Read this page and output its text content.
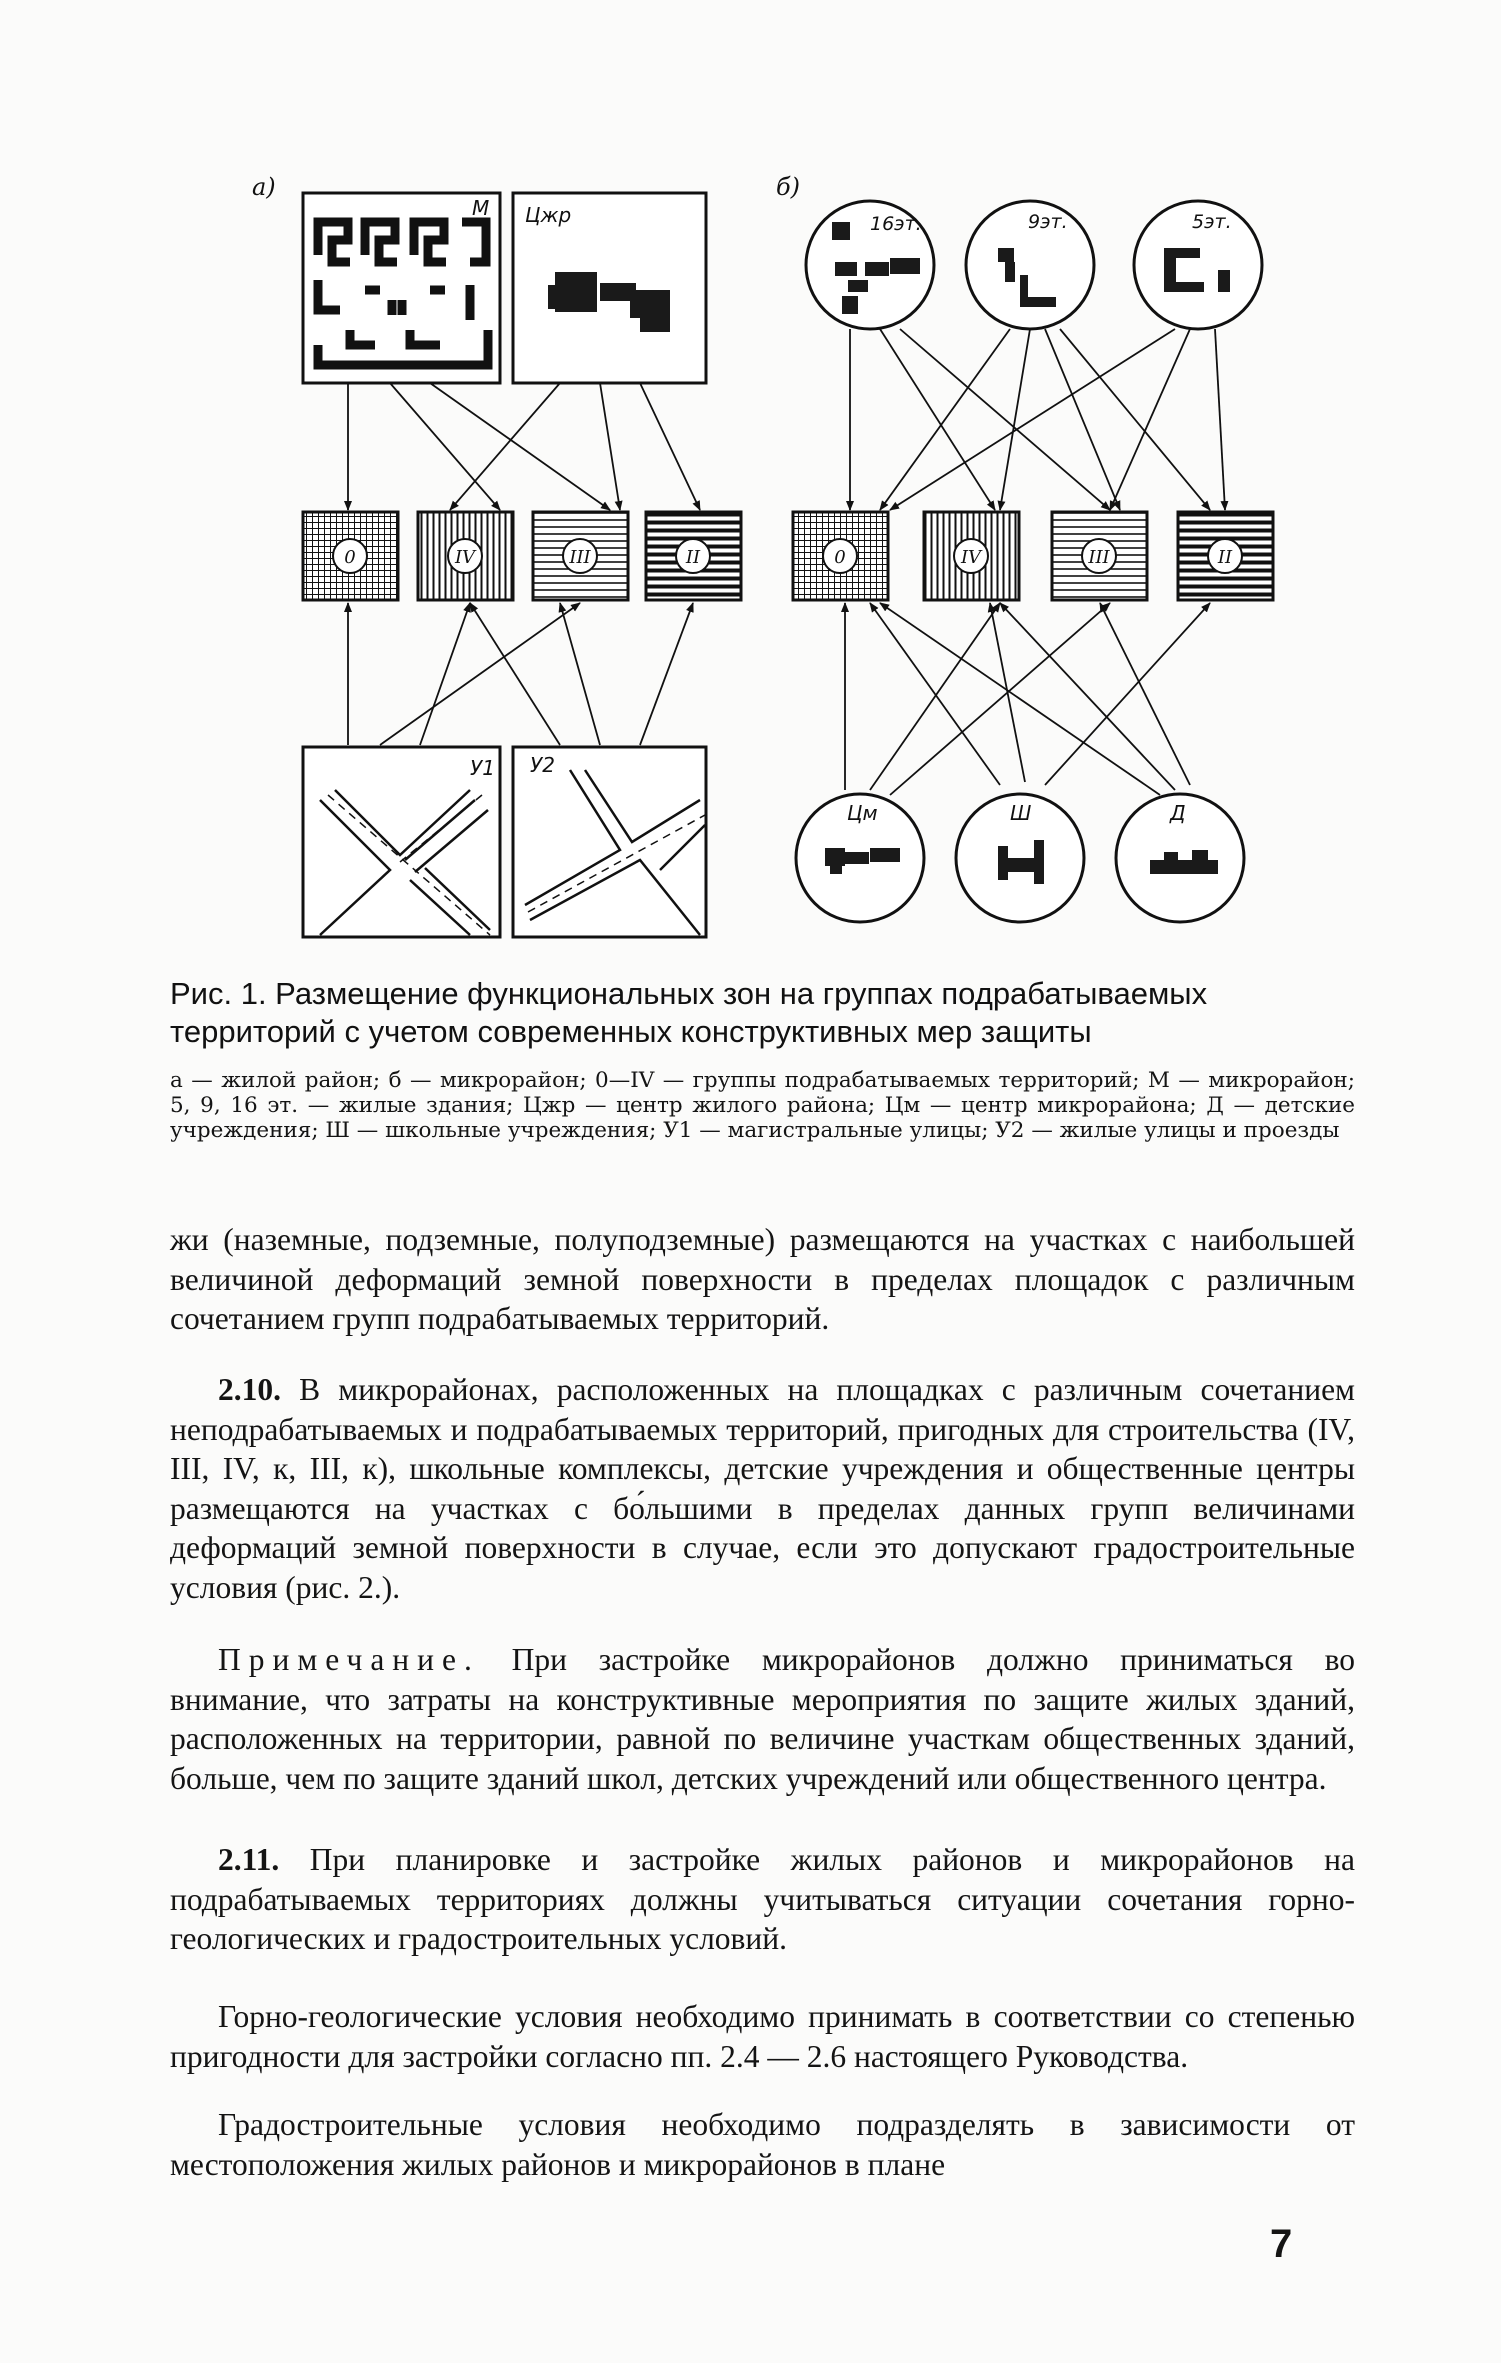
а)
М Цжр
0	IV	III	II
У1 У2
б)
16эт.	9эт.	5эт.
0	IV	III	II
Цм	Ш	Д
Рис. 1. Размещение функциональных зон на группах подрабатываемых территорий с учетом современных конструктивных мер защиты
а — жилой район; б — микрорайон; 0—IV — группы подрабатываемых территорий; М — микрорайон; 5, 9, 16 эт. — жилые здания; Цжр — центр жилого района; Цм — центр микрорайона; Д — детские учреждения; Ш — школьные учреждения; У1 — магистральные улицы; У2 — жилые улицы и проезды

жи (наземные, подземные, полуподземные) размещаются на участках с наибольшей величиной деформаций земной поверхности в пределах площадок с различным сочетанием групп подрабатываемых территорий.

2.10. В микрорайонах, расположенных на площадках с различным сочетанием неподрабатываемых и подрабатываемых территорий, пригодных для строительства (IV, III, IV, к, III, к), школьные комплексы, детские учреждения и общественные центры размещаются на участках с бо́льшими в пределах данных групп величинами деформаций земной поверхности в случае, если это допускают градостроительные условия (рис. 2.).

Примечание. При застройке микрорайонов должно приниматься во внимание, что затраты на конструктивные мероприятия по защите жилых зданий, расположенных на территории, равной по величине участкам общественных зданий, больше, чем по защите зданий школ, детских учреждений или общественного центра.

2.11. При планировке и застройке жилых районов и микрорайонов на подрабатываемых территориях должны учитываться ситуации сочетания горно-геологических и градостроительных условий.

Горно-геологические условия необходимо принимать в соответствии со степенью пригодности для застройки согласно пп. 2.4 — 2.6 настоящего Руководства.

Градостроительные условия необходимо подразделять в зависимости от местоположения жилых районов и микрорайонов в плане

7
